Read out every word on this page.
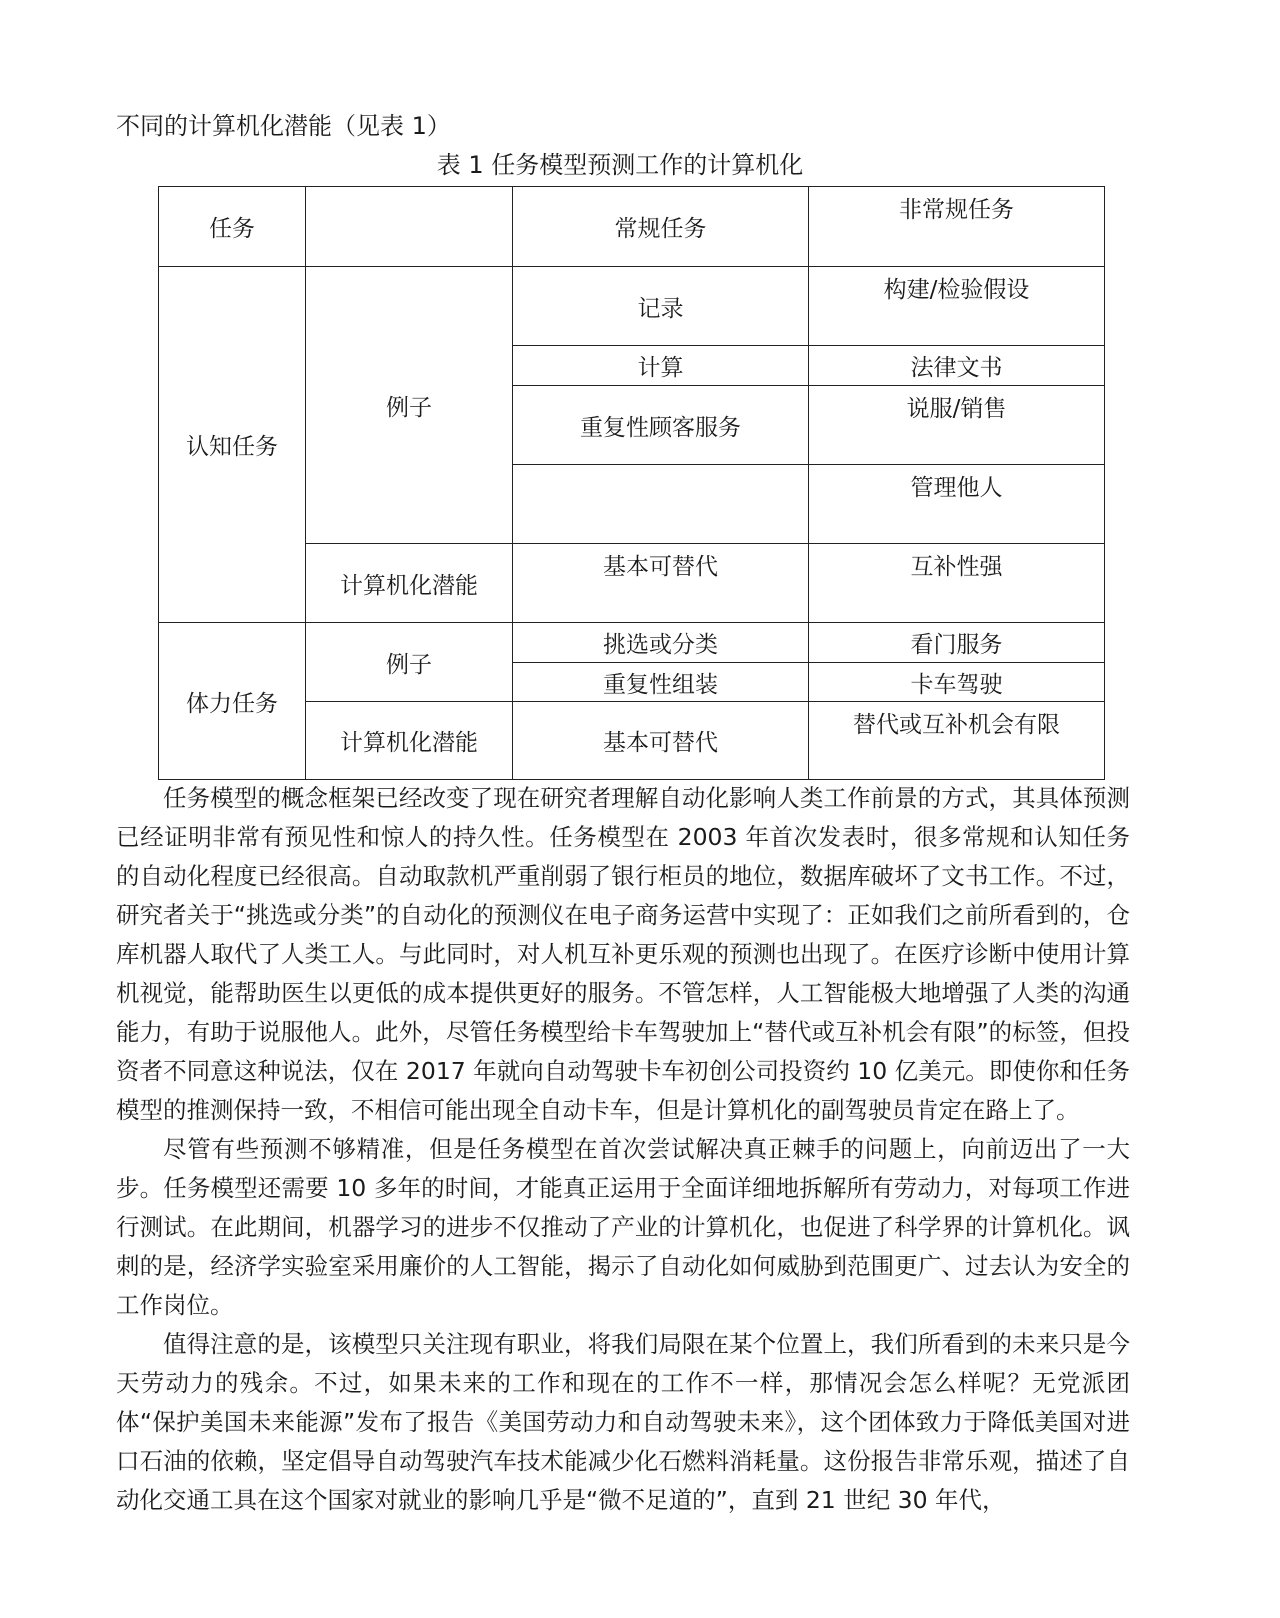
不同的计算机化潜能（见表 1）
表 1 任务模型预测工作的计算机化
任务		常规任务	非常规任务
认知任务	例子	记录	构建/检验假设
		计算	法律文书
		重复性顾客服务	说服/销售
			管理他人
	计算机化潜能	基本可替代	互补性强
体力任务	例子	挑选或分类	看门服务
		重复性组装	卡车驾驶
	计算机化潜能	基本可替代	替代或互补机会有限

任务模型的概念框架已经改变了现在研究者理解自动化影响人类工作前景的方式，其具体预测已经证明非常有预见性和惊人的持久性。任务模型在 2003 年首次发表时，很多常规和认知任务的自动化程度已经很高。自动取款机严重削弱了银行柜员的地位，数据库破坏了文书工作。不过，研究者关于“挑选或分类”的自动化的预测仪在电子商务运营中实现了：正如我们之前所看到的，仓库机器人取代了人类工人。与此同时，对人机互补更乐观的预测也出现了。在医疗诊断中使用计算机视觉，能帮助医生以更低的成本提供更好的服务。不管怎样，人工智能极大地增强了人类的沟通能力，有助于说服他人。此外，尽管任务模型给卡车驾驶加上“替代或互补机会有限”的标签，但投资者不同意这种说法，仅在 2017 年就向自动驾驶卡车初创公司投资约 10 亿美元。即使你和任务模型的推测保持一致，不相信可能出现全自动卡车，但是计算机化的副驾驶员肯定在路上了。

尽管有些预测不够精准，但是任务模型在首次尝试解决真正棘手的问题上，向前迈出了一大步。任务模型还需要 10 多年的时间，才能真正运用于全面详细地拆解所有劳动力，对每项工作进行测试。在此期间，机器学习的进步不仅推动了产业的计算机化，也促进了科学界的计算机化。讽刺的是，经济学实验室采用廉价的人工智能，揭示了自动化如何威胁到范围更广、过去认为安全的工作岗位。

值得注意的是，该模型只关注现有职业，将我们局限在某个位置上，我们所看到的未来只是今天劳动力的残余。不过，如果未来的工作和现在的工作不一样，那情况会怎么样呢？无党派团体“保护美国未来能源”发布了报告《美国劳动力和自动驾驶未来》，这个团体致力于降低美国对进口石油的依赖，坚定倡导自动驾驶汽车技术能减少化石燃料消耗量。这份报告非常乐观，描述了自动化交通工具在这个国家对就业的影响几乎是“微不足道的”，直到 21 世纪 30 年代，
